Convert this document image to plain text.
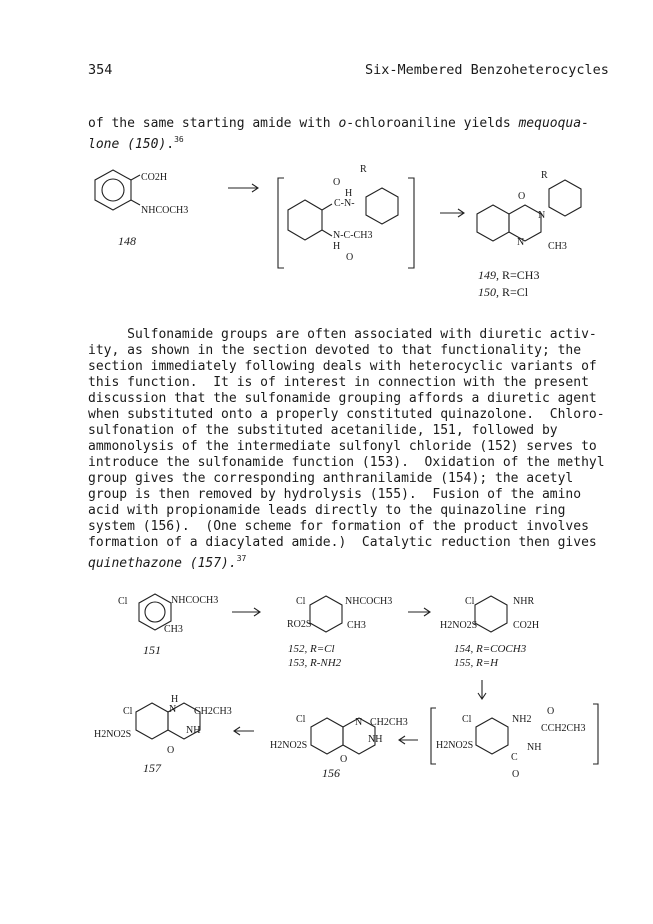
354	Six-Membered Benzoheterocycles
of the same starting amide with o-chloroaniline yields mequoqua-
lone (150).$^{36}$
CO2H
NHCOCH3
O
R
H
C-N-
N-C-CH3
H
O
O
R
N
N CH3
148
149, R=CH3
150, R=Cl
Sulfonamide groups are often associated with diuretic activ-
ity, as shown in the section devoted to that functionality; the
section immediately following deals with heterocyclic variants of
this function.  It is of interest in connection with the present
discussion that the sulfonamide grouping affords a diuretic agent
when substituted onto a properly constituted quinazolone.  Chloro-
sulfonation of the substituted acetanilide, 151, followed by
ammonolysis of the intermediate sulfonyl chloride (152) serves to
introduce the sulfonamide function (153).  Oxidation of the methyl
group gives the corresponding anthranilamide (154); the acetyl
group is then removed by hydrolysis (155).  Fusion of the amino
acid with propionamide leads directly to the quinazoline ring
system (156).  (One scheme for formation of the product involves
formation of a diacylated amide.)  Catalytic reduction then gives
quinethazone (157).$^{37}$
Cl	NHCOCH3
CH3
Cl	NHCOCH3
RO2S	CH3
Cl	NHR
H2NO2S	CO2H
Cl
H2NO2S
NH2
O
CCH2CH3
NH
C
O
Cl
H2NO2S
N CH2CH3
NH
O
Cl
H2NO2S
H
N CH2CH3
NH
O
151	152, R=Cl
153, R-NH2
154, R=COCH3
155, R=H
157	156
